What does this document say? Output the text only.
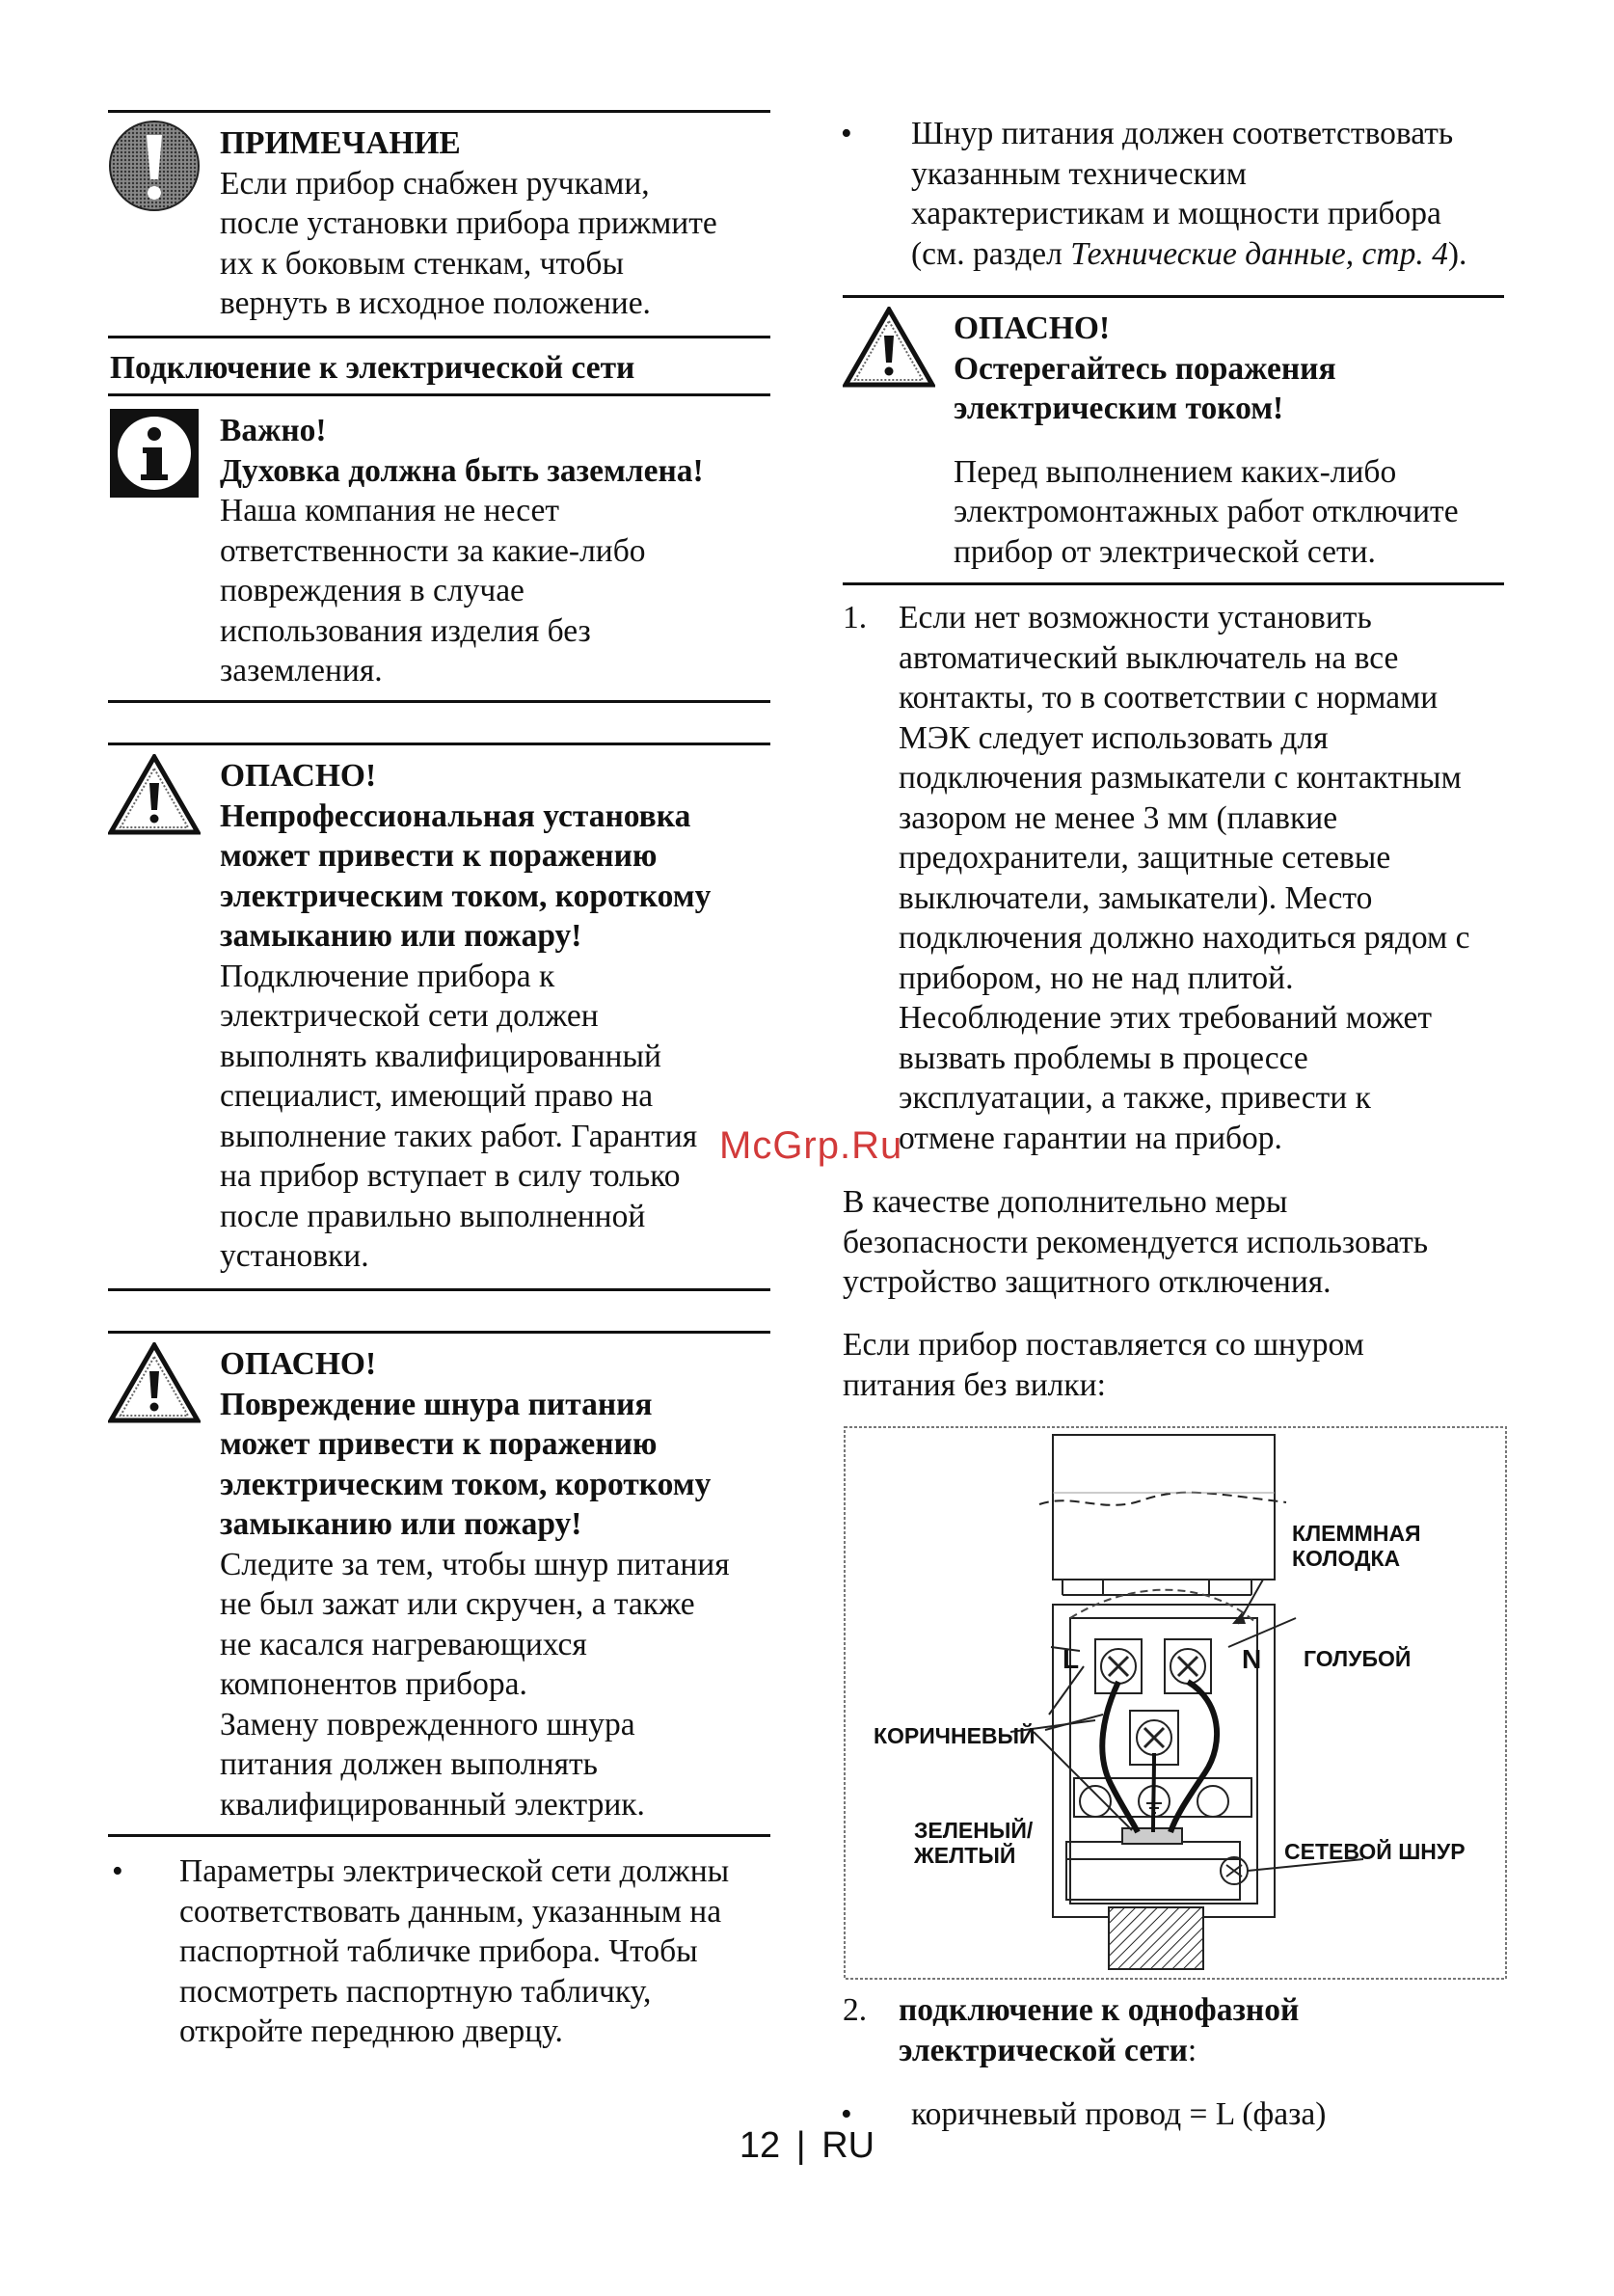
ПРИМЕЧАНИЕ

Если прибор снабжен ручками,
после установки прибора прижмите
их к боковым стенкам, чтобы
вернуть в исходное положение.

Подключение к электрической сети

Важно!

Духовка должна быть заземлена!

Наша компания не несет
ответственности за какие-либо
повреждения в случае
использования изделия без
заземления.

ОПАСНО!

Непрофессиональная установка
может привести к поражению
электрическим током, короткому
замыканию или пожару!

Подключение прибора к
электрической сети должен
выполнять квалифицированный
специалист, имеющий право на
выполнение таких работ. Гарантия
на прибор вступает в силу только
после правильно выполненной
установки.

ОПАСНО!

Повреждение шнура питания
может привести к поражению
электрическим током, короткому
замыканию или пожару!

Следите за тем, чтобы шнур питания
не был зажат или скручен, а также
не касался нагревающихся
компонентов прибора.
Замену поврежденного шнура
питания должен выполнять
квалифицированный электрик.

• Параметры электрической сети должны
соответствовать данным, указанным на
паспортной табличке прибора. Чтобы
посмотреть паспортную табличку,
откройте переднюю дверцу.

• Шнур питания должен соответствовать
указанным техническим
характеристикам и мощности прибора
(см. раздел Технические данные, стр. 4).

ОПАСНО!

Остерегайтесь поражения
электрическим током!

Перед выполнением каких-либо
электромонтажных работ отключите
прибор от электрической сети.

1. Если нет возможности установить
автоматический выключатель на все
контакты, то в соответствии с нормами
МЭК следует использовать для
подключения размыкатели с контактным
зазором не менее 3 мм (плавкие
предохранители, защитные сетевые
выключатели, замыкатели). Место
подключения должно находиться рядом с
прибором, но не над плитой.
Несоблюдение этих требований может
вызвать проблемы в процессе
эксплуатации, а также, привести к
отмене гарантии на прибор.

В качестве дополнительно меры
безопасности рекомендуется использовать
устройство защитного отключения.

Если прибор поставляется со шнуром
питания без вилки:

КЛЕММНАЯ
КОЛОДКА
ГОЛУБОЙ
КОРИЧНЕВЫЙ
ЗЕЛЕНЫЙ/
ЖЕЛТЫЙ	СЕТЕВОЙ ШНУР
L	N
2. подключение к однофазной
электрической сети:

• коричневый провод = L (фаза)
McGrp.Ru
12 | RU
